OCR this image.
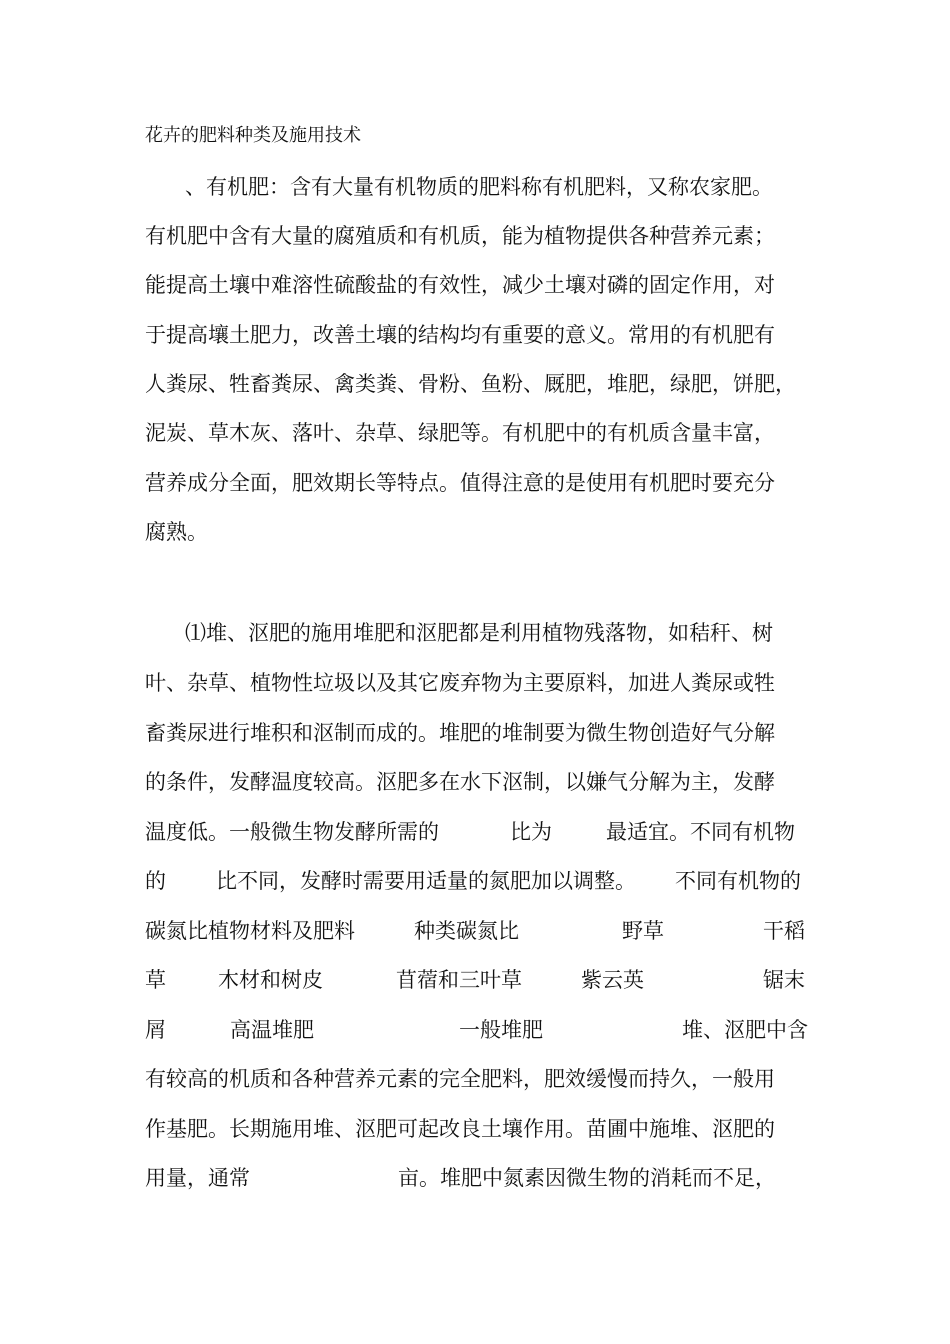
花卉的肥料种类及施用技术
、有机肥：含有大量有机物质的肥料称有机肥料，又称农家肥。
有机肥中含有大量的腐殖质和有机质，能为植物提供各种营养元素；
能提高土壤中难溶性硫酸盐的有效性，减少土壤对磷的固定作用，对
于提高壤土肥力，改善土壤的结构均有重要的意义。常用的有机肥有
人粪尿、牲畜粪尿、禽类粪、骨粉、鱼粉、厩肥，堆肥，绿肥，饼肥，
泥炭、草木灰、落叶、杂草、绿肥等。有机肥中的有机质含量丰富，
营养成分全面，肥效期长等特点。值得注意的是使用有机肥时要充分
腐熟。
⑴堆、沤肥的施用堆肥和沤肥都是利用植物残落物，如秸秆、树
叶、杂草、植物性垃圾以及其它废弃物为主要原料，加进人粪尿或牲
畜粪尿进行堆积和沤制而成的。堆肥的堆制要为微生物创造好气分解
的条件，发酵温度较高。沤肥多在水下沤制，以嫌气分解为主，发酵
温度低。一般微生物发酵所需的	比为	最适宜。不同有机物
的 比不同，发酵时需要用适量的氮肥加以调整。 不同有机物的
碳氮比植物材料及肥料	种类碳氮比	野草	干稻
草 木材和树皮	苜蓿和三叶草	紫云英	锯末
屑	高温堆肥	一般堆肥	堆、沤肥中含
有较高的机质和各种营养元素的完全肥料，肥效缓慢而持久，一般用
作基肥。长期施用堆、沤肥可起改良土壤作用。苗圃中施堆、沤肥的
用量，通常	亩。堆肥中氮素因微生物的消耗而不足，
